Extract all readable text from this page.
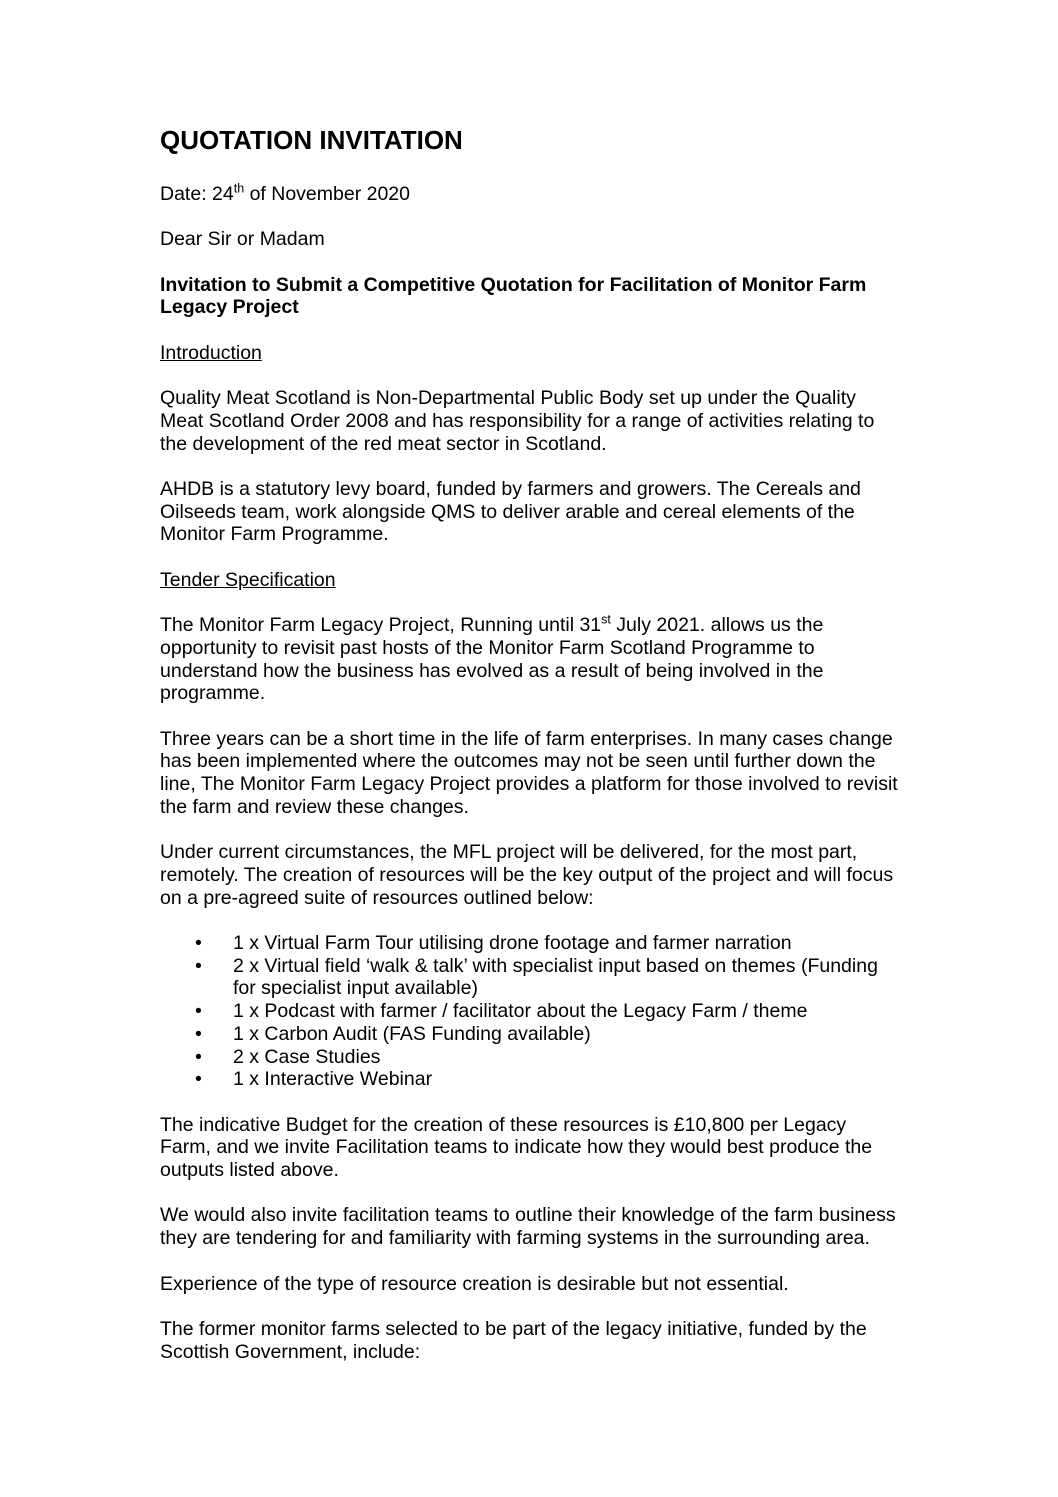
QUOTATION INVITATION

Date: 24th of November 2020

Dear Sir or Madam

Invitation to Submit a Competitive Quotation for Facilitation of Monitor Farm Legacy Project

Introduction

Quality Meat Scotland is Non-Departmental Public Body set up under the Quality Meat Scotland Order 2008 and has responsibility for a range of activities relating to the development of the red meat sector in Scotland.

AHDB is a statutory levy board, funded by farmers and growers. The Cereals and Oilseeds team, work alongside QMS to deliver arable and cereal elements of the Monitor Farm Programme.

Tender Specification

The Monitor Farm Legacy Project, Running until 31st July 2021. allows us the opportunity to revisit past hosts of the Monitor Farm Scotland Programme to understand how the business has evolved as a result of being involved in the programme.

Three years can be a short time in the life of farm enterprises. In many cases change has been implemented where the outcomes may not be seen until further down the line, The Monitor Farm Legacy Project provides a platform for those involved to revisit the farm and review these changes.

Under current circumstances, the MFL project will be delivered, for the most part, remotely. The creation of resources will be the key output of the project and will focus on a pre-agreed suite of resources outlined below:

• 1 x Virtual Farm Tour utilising drone footage and farmer narration
• 2 x Virtual field ‘walk & talk’ with specialist input based on themes (Funding for specialist input available)
• 1 x Podcast with farmer / facilitator about the Legacy Farm / theme
• 1 x Carbon Audit (FAS Funding available)
• 2 x Case Studies
• 1 x Interactive Webinar

The indicative Budget for the creation of these resources is £10,800 per Legacy Farm, and we invite Facilitation teams to indicate how they would best produce the outputs listed above.

We would also invite facilitation teams to outline their knowledge of the farm business they are tendering for and familiarity with farming systems in the surrounding area.

Experience of the type of resource creation is desirable but not essential.

The former monitor farms selected to be part of the legacy initiative, funded by the Scottish Government, include:
